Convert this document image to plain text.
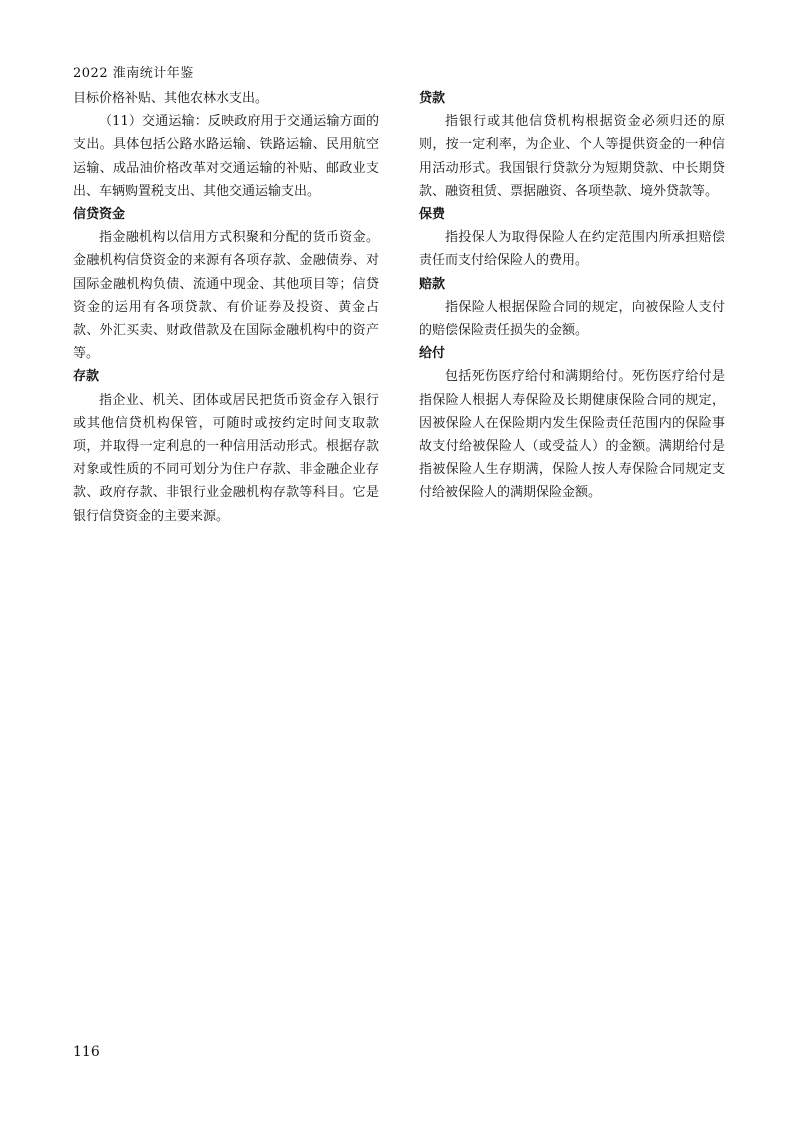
2022 淮南统计年鉴

目标价格补贴、其他农林水支出。

（11）交通运输：反映政府用于交通运输方面的支出。具体包括公路水路运输、铁路运输、民用航空运输、成品油价格改革对交通运输的补贴、邮政业支出、车辆购置税支出、其他交通运输支出。

信贷资金

指金融机构以信用方式积聚和分配的货币资金。金融机构信贷资金的来源有各项存款、金融债券、对国际金融机构负债、流通中现金、其他项目等；信贷资金的运用有各项贷款、有价证券及投资、黄金占款、外汇买卖、财政借款及在国际金融机构中的资产等。

存款

指企业、机关、团体或居民把货币资金存入银行或其他信贷机构保管，可随时或按约定时间支取款项，并取得一定利息的一种信用活动形式。根据存款对象或性质的不同可划分为住户存款、非金融企业存款、政府存款、非银行业金融机构存款等科目。它是银行信贷资金的主要来源。

贷款

指银行或其他信贷机构根据资金必须归还的原则，按一定利率，为企业、个人等提供资金的一种信用活动形式。我国银行贷款分为短期贷款、中长期贷款、融资租赁、票据融资、各项垫款、境外贷款等。

保费

指投保人为取得保险人在约定范围内所承担赔偿责任而支付给保险人的费用。

赔款

指保险人根据保险合同的规定，向被保险人支付的赔偿保险责任损失的金额。

给付

包括死伤医疗给付和满期给付。死伤医疗给付是指保险人根据人寿保险及长期健康保险合同的规定，因被保险人在保险期内发生保险责任范围内的保险事故支付给被保险人（或受益人）的金额。满期给付是指被保险人生存期满，保险人按人寿保险合同规定支付给被保险人的满期保险金额。

116
